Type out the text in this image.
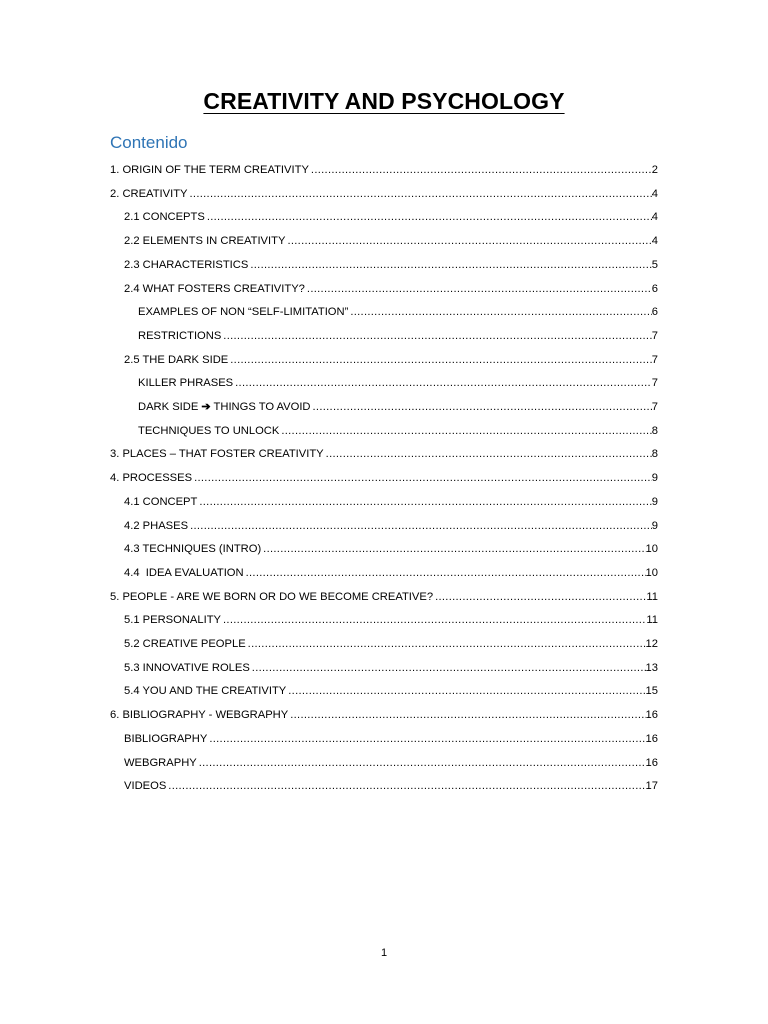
CREATIVITY AND PSYCHOLOGY
Contenido
1. ORIGIN OF THE TERM CREATIVITY .....	2
2. CREATIVITY .....	4
2.1 CONCEPTS .....	4
2.2 ELEMENTS IN CREATIVITY .....	4
2.3 CHARACTERISTICS .....	5
2.4 WHAT FOSTERS CREATIVITY? .....	6
EXAMPLES OF NON “SELF-LIMITATION” .....	6
RESTRICTIONS .....	7
2.5 THE DARK SIDE .....	7
KILLER PHRASES .....	7
DARK SIDE ➔ THINGS TO AVOID .....	7
TECHNIQUES TO UNLOCK .....	8
3. PLACES – THAT FOSTER CREATIVITY .....	8
4. PROCESSES .....	9
4.1 CONCEPT .....	9
4.2 PHASES .....	9
4.3 TECHNIQUES (INTRO) .....	10
4.4  IDEA EVALUATION .....	10
5. PEOPLE - ARE WE BORN OR DO WE BECOME CREATIVE? .....	11
5.1 PERSONALITY .....	11
5.2 CREATIVE PEOPLE .....	12
5.3 INNOVATIVE ROLES .....	13
5.4 YOU AND THE CREATIVITY .....	15
6. BIBLIOGRAPHY - WEBGRAPHY .....	16
BIBLIOGRAPHY .....	16
WEBGRAPHY .....	16
VIDEOS .....	17
1
